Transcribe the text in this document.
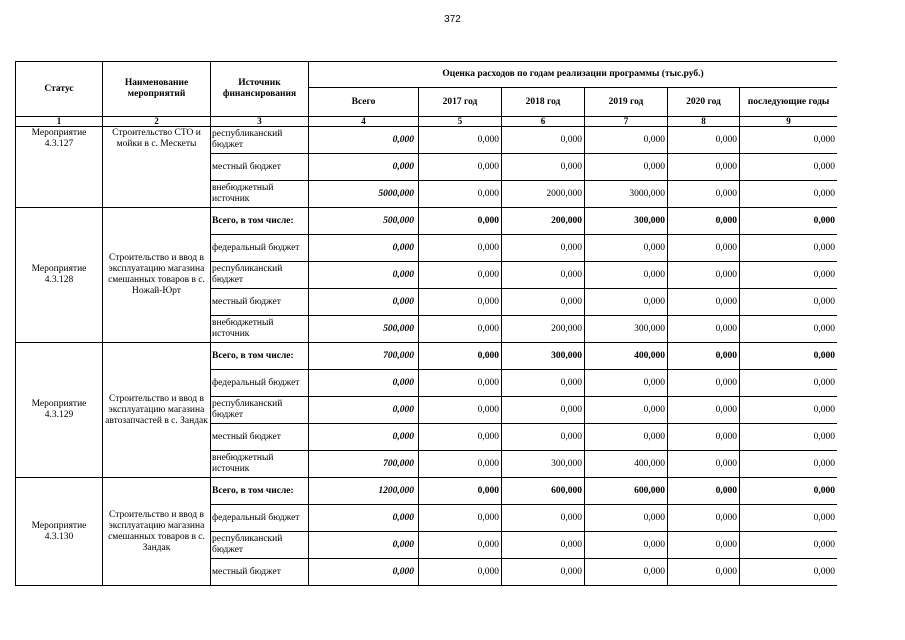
372
Статус	Наименование мероприятий	Источник финансирования	Оценка расходов по годам реализации программы (тыс.руб.)					
			Всего	2017 год	2018 год	2019 год	2020 год	последующие годы
1	2	3	4	5	6	7	8	9
Мероприятие 4.3.127	Строительство СТО и мойки в с. Мескеты	республиканский бюджет	0,000	0,000	0,000	0,000	0,000	0,000
		местный бюджет	0,000	0,000	0,000	0,000	0,000	0,000
		внебюджетный источник	5000,000	0,000	2000,000	3000,000	0,000	0,000
Мероприятие 4.3.128	Строительство и ввод в эксплуатацию магазина смешанных товаров в с. Ножай-Юрт	Всего, в том числе:	500,000	0,000	200,000	300,000	0,000	0,000
		федеральный бюджет	0,000	0,000	0,000	0,000	0,000	0,000
		республиканский бюджет	0,000	0,000	0,000	0,000	0,000	0,000
		местный бюджет	0,000	0,000	0,000	0,000	0,000	0,000
		внебюджетный источник	500,000	0,000	200,000	300,000	0,000	0,000
Мероприятие 4.3.129	Строительство и ввод в эксплуатацию магазина автозапчастей в с. Зандак	Всего, в том числе:	700,000	0,000	300,000	400,000	0,000	0,000
		федеральный бюджет	0,000	0,000	0,000	0,000	0,000	0,000
		республиканский бюджет	0,000	0,000	0,000	0,000	0,000	0,000
		местный бюджет	0,000	0,000	0,000	0,000	0,000	0,000
		внебюджетный источник	700,000	0,000	300,000	400,000	0,000	0,000
Мероприятие 4.3.130	Строительство и ввод в эксплуатацию магазина смешанных товаров в с. Зандак	Всего, в том числе:	1200,000	0,000	600,000	600,000	0,000	0,000
		федеральный бюджет	0,000	0,000	0,000	0,000	0,000	0,000
		республиканский бюджет	0,000	0,000	0,000	0,000	0,000	0,000
		местный бюджет	0,000	0,000	0,000	0,000	0,000	0,000
